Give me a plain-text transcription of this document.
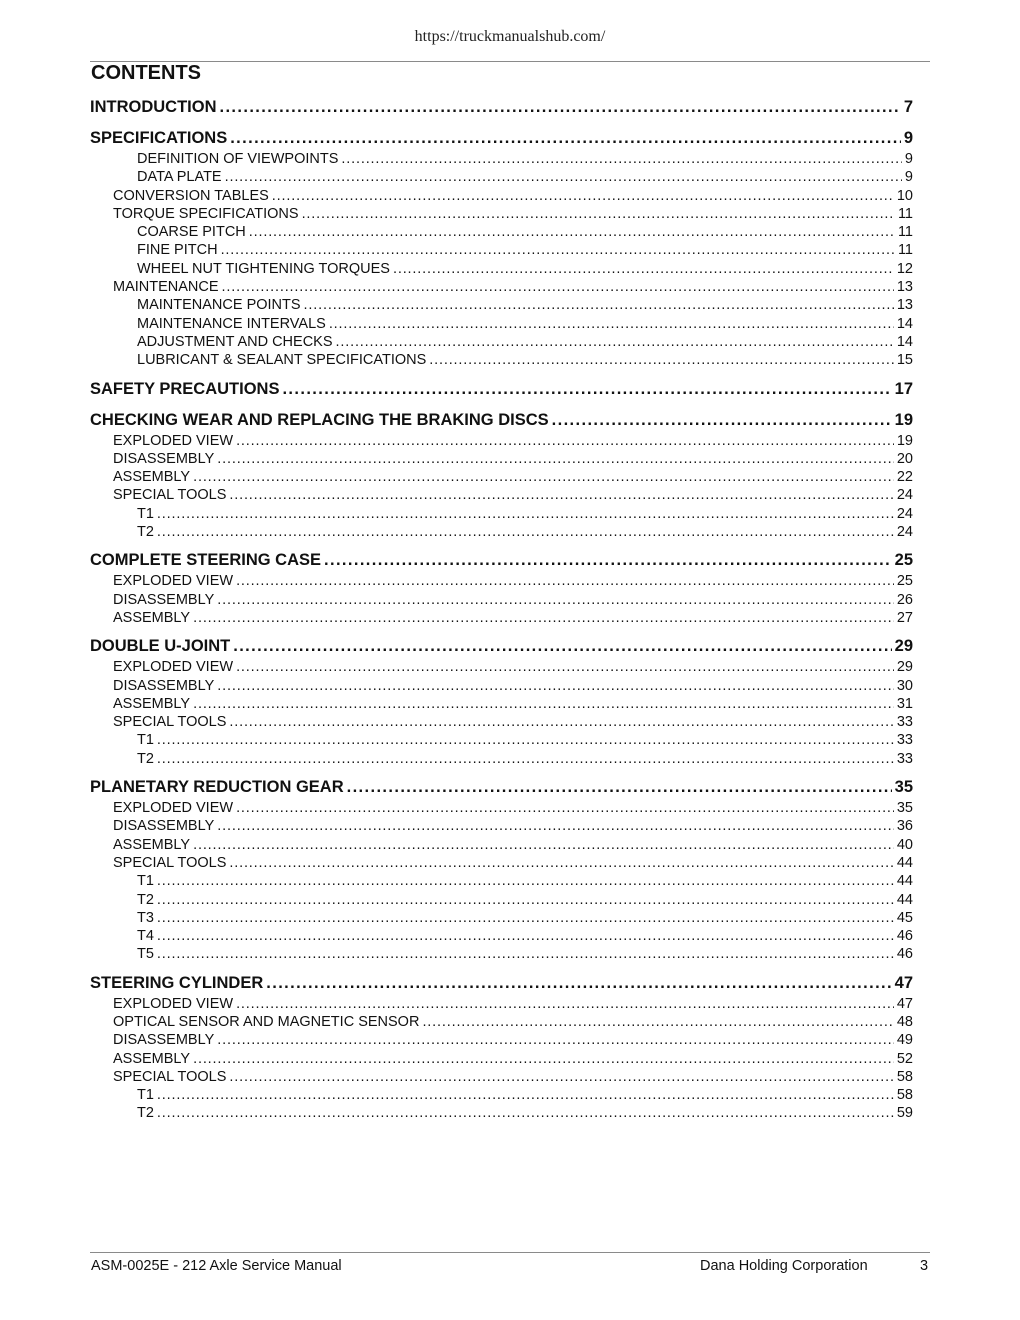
https://truckmanualshub.com/
CONTENTS
INTRODUCTION . . .	7
SPECIFICATIONS . . .	9
DEFINITION OF VIEWPOINTS . . .	9
DATA PLATE . . .	9
CONVERSION TABLES . . .	10
TORQUE SPECIFICATIONS . . .	11
COARSE PITCH . . .	11
FINE PITCH . . .	11
WHEEL NUT TIGHTENING TORQUES . . .	12
MAINTENANCE . . .	13
MAINTENANCE POINTS . . .	13
MAINTENANCE INTERVALS . . .	14
ADJUSTMENT AND CHECKS . . .	14
LUBRICANT & SEALANT SPECIFICATIONS . . .	15
SAFETY PRECAUTIONS . . .	17
CHECKING WEAR AND REPLACING THE BRAKING DISCS . . .	19
EXPLODED VIEW . . .	19
DISASSEMBLY . . .	20
ASSEMBLY . . .	22
SPECIAL TOOLS . . .	24
T1 . . .	24
T2 . . .	24
COMPLETE STEERING CASE . . .	25
EXPLODED VIEW . . .	25
DISASSEMBLY . . .	26
ASSEMBLY . . .	27
DOUBLE U-JOINT . . .	29
EXPLODED VIEW . . .	29
DISASSEMBLY . . .	30
ASSEMBLY . . .	31
SPECIAL TOOLS . . .	33
T1 . . .	33
T2 . . .	33
PLANETARY REDUCTION GEAR . . .	35
EXPLODED VIEW . . .	35
DISASSEMBLY . . .	36
ASSEMBLY . . .	40
SPECIAL TOOLS . . .	44
T1 . . .	44
T2 . . .	44
T3 . . .	45
T4 . . .	46
T5 . . .	46
STEERING CYLINDER . . .	47
EXPLODED VIEW . . .	47
OPTICAL SENSOR AND MAGNETIC SENSOR . . .	48
DISASSEMBLY . . .	49
ASSEMBLY . . .	52
SPECIAL TOOLS . . .	58
T1 . . .	58
T2 . . .	59
ASM-0025E - 212 Axle Service Manual	Dana Holding Corporation	3
